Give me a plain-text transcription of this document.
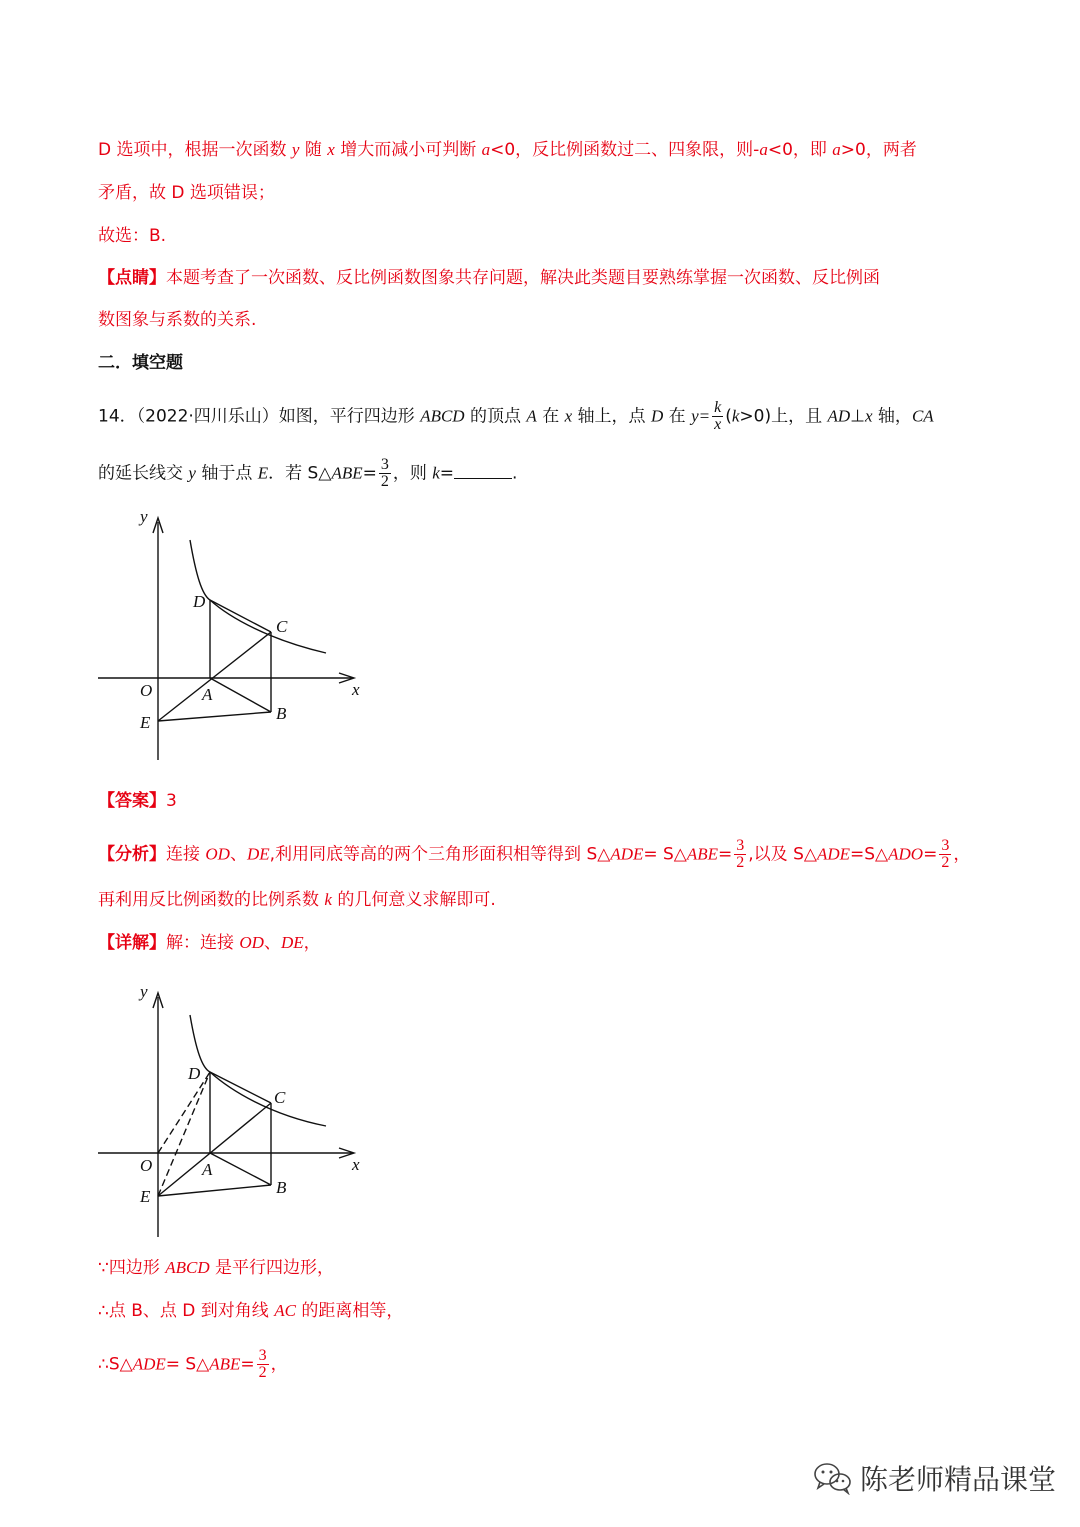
D 选项中，根据一次函数 y 随 x 增大而减小可判断 a<0，反比例函数过二、四象限，则-a<0，即 a>0，两者
矛盾，故 D 选项错误；
故选：B.
【点睛】本题考查了一次函数、反比例函数图象共存问题，解决此类题目要熟练掌握一次函数、反比例函
数图象与系数的关系.
二．填空题
14．（2022·四川乐山）如图，平行四边形 ABCD 的顶点 A 在 x 轴上，点 D 在 $y= \frac{k}{x} (k>0)$上，且 AD⊥x 轴，CA
的延长线交 y 轴于点 E．若 S△ABE= $\frac{3}{2}$ ，则 k=	.
y
x
O	A
B
C
D
E
【答案】3
【分析】连接 OD、DE,利用同底等高的两个三角形面积相等得到 S△ADE= S△ABE= $\frac{3}{2}$ ,以及 S△ADE=S△ADO= $\frac{3}{2}$ ，
再利用反比例函数的比例系数 k 的几何意义求解即可.
【详解】解：连接 OD、DE，
y
x
O	A
B
C
D
E
∵四边形 ABCD 是平行四边形，
∴点 B、点 D 到对角线 AC 的距离相等，
∴S△ADE= S△ABE= $\frac{3}{2}$ ，
陈老师精品课堂
